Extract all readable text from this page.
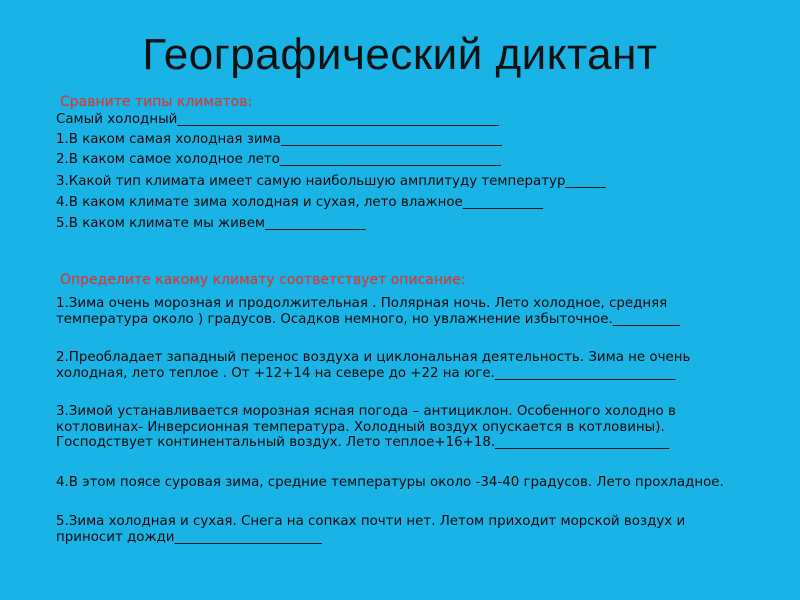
Географический диктант
Сравните типы климатов:
Самый холодный________________________________________________
1.В каком самая холодная зима_________________________________
2.В каком самое холодное лето_________________________________
3.Какой тип климата имеет самую наибольшую амплитуду температур______
4.В каком климате зима холодная и сухая, лето влажное____________
5.В каком климате мы живем_______________
Определите какому климату соответствует описание:
1.Зима очень морозная и продолжительная . Полярная ночь. Лето холодное, средняя температура около ) градусов. Осадков немного, но увлажнение избыточное.__________
2.Преобладает западный перенос воздуха и циклональная деятельность. Зима не очень холодная, лето теплое . От +12+14 на севере до +22 на юге.___________________________
3.Зимой устанавливается морозная ясная погода – антициклон. Особенного холодно в котловинах- Инверсионная температура. Холодный воздух опускается в котловины). Господствует континентальный воздух. Лето теплое+16+18.__________________________
4.В этом поясе суровая зима, средние температуры около -34-40 градусов. Лето прохладное.
5.Зима холодная и сухая. Снега на сопках почти нет. Летом приходит морской воздух и приносит дожди______________________
